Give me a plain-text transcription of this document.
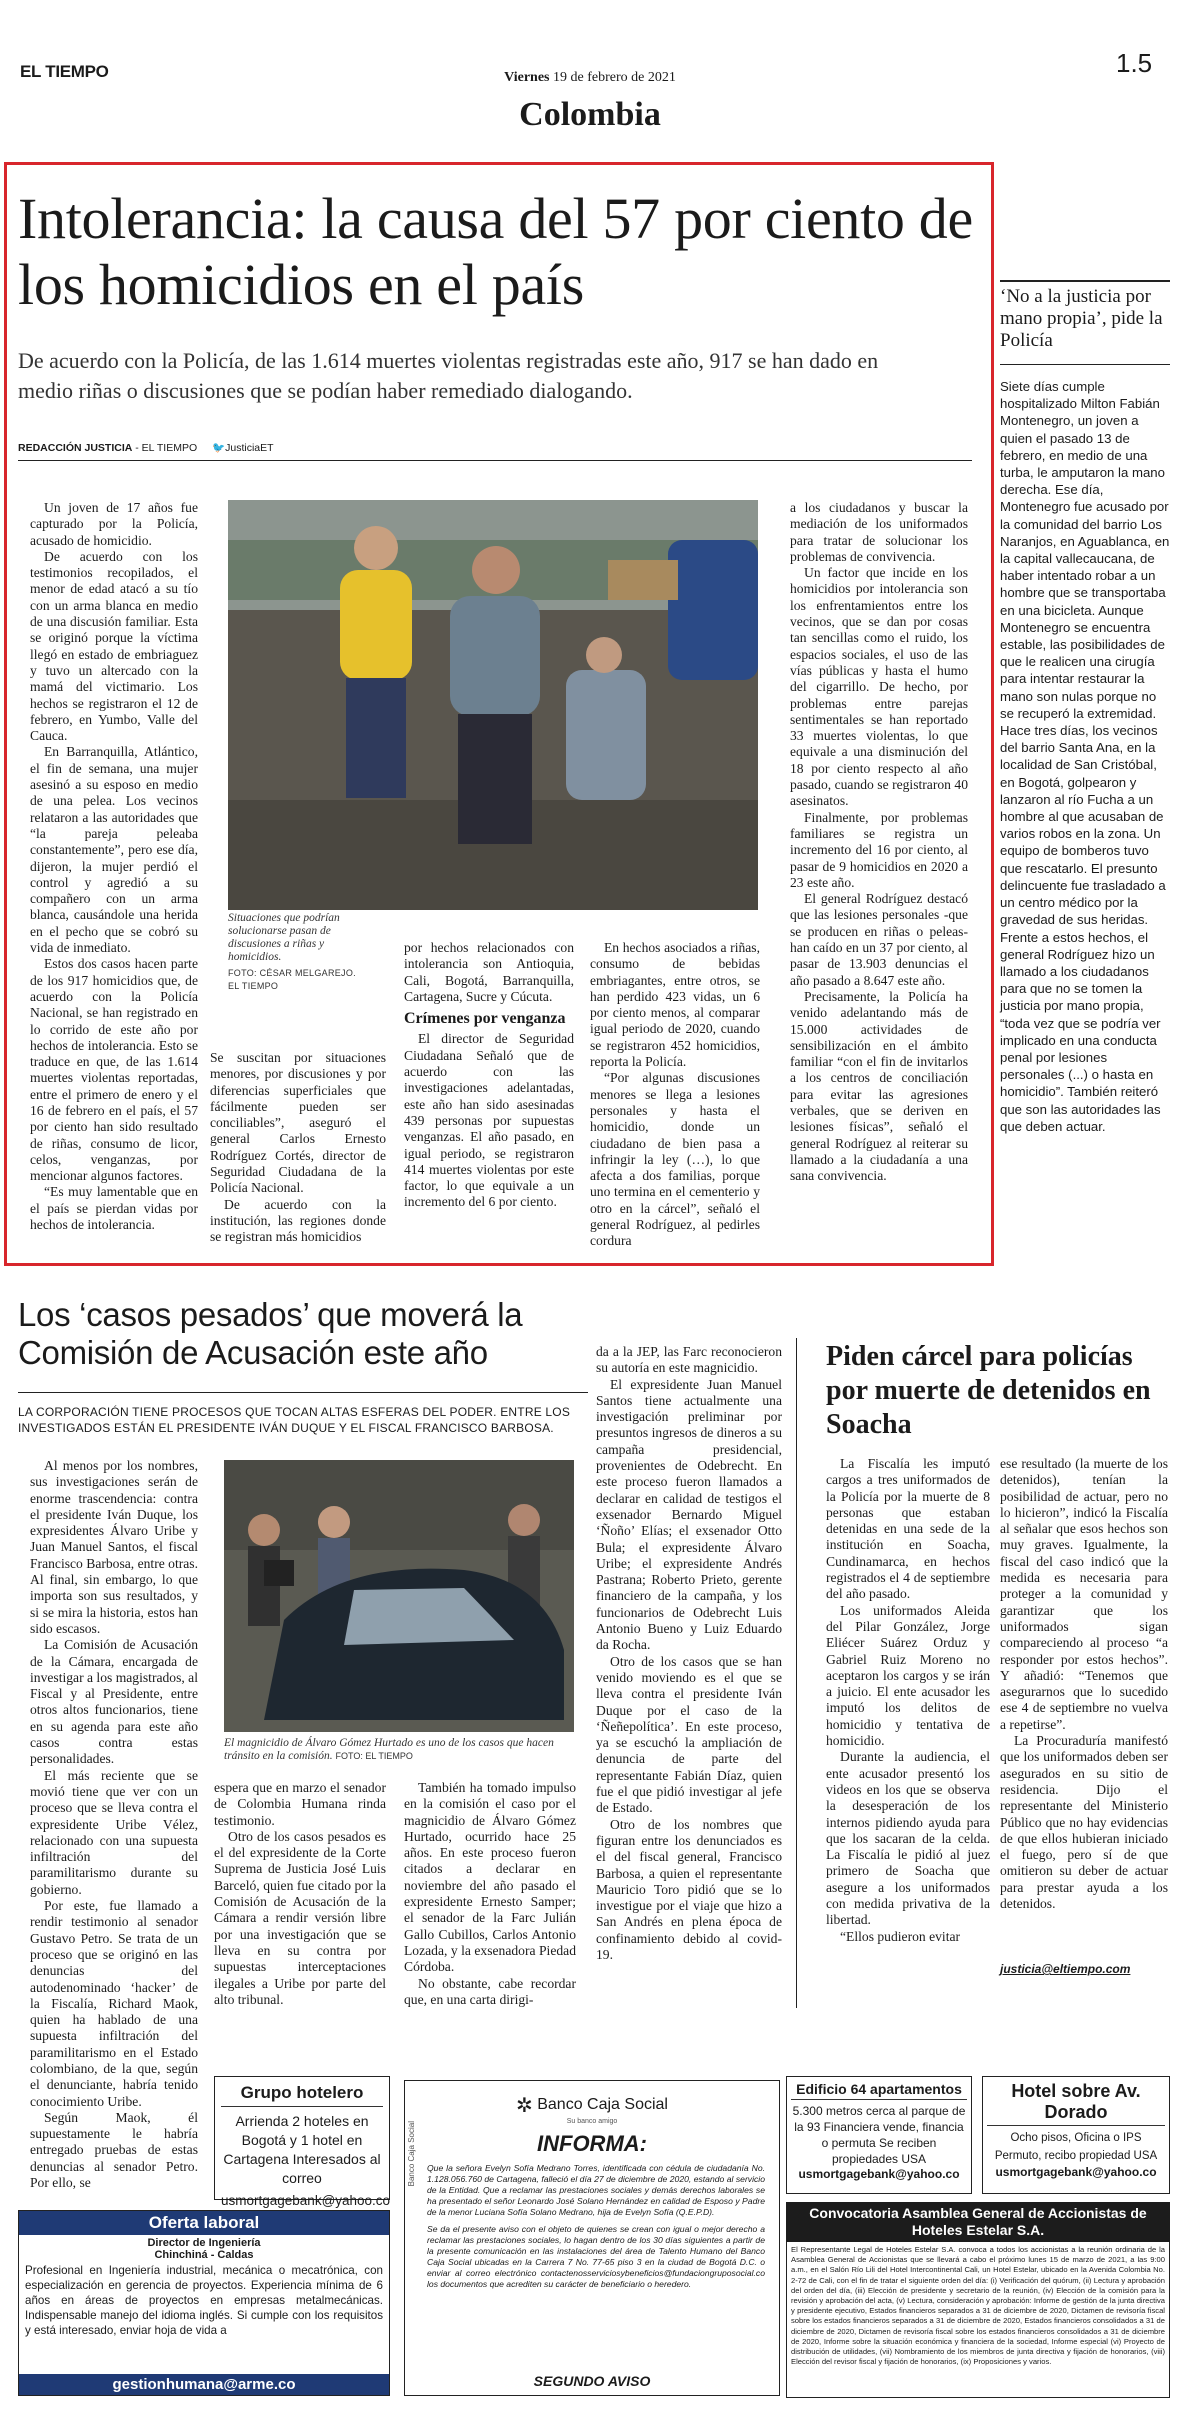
EL TIEMPO	Viernes 19 de febrero de 2021
Colombia
1.5
Intolerancia: la causa del 57 por ciento de los homicidios en el país

De acuerdo con la Policía, de las 1.614 muertes violentas registradas este año, 917 se han dado en medio riñas o discusiones que se podían haber remediado dialogando.

REDACCIÓN JUSTICIA - EL TIEMPO 🐦JusticiaET

Un joven de 17 años fue capturado por la Policía, acusado de homicidio.

De acuerdo con los testimonios recopilados, el menor de edad atacó a su tío con un arma blanca en medio de una discusión familiar. Esta se originó porque la víctima llegó en estado de embriaguez y tuvo un altercado con la mamá del victimario. Los hechos se registraron el 12 de febrero, en Yumbo, Valle del Cauca.

En Barranquilla, Atlántico, el fin de semana, una mujer asesinó a su esposo en medio de una pelea. Los vecinos relataron a las autoridades que “la pareja peleaba constantemente”, pero ese día, dijeron, la mujer perdió el control y agredió a su compañero con un arma blanca, causándole una herida en el pecho que se cobró su vida de inmediato.

Estos dos casos hacen parte de los 917 homicidios que, de acuerdo con la Policía Nacional, se han registrado en lo corrido de este año por hechos de intolerancia. Esto se traduce en que, de las 1.614 muertes violentas reportadas, entre el primero de enero y el 16 de febrero en el país, el 57 por ciento han sido resultado de riñas, consumo de licor, celos, venganzas, por mencionar algunos factores.

“Es muy lamentable que en el país se pierdan vidas por hechos de intolerancia.

Situaciones que podrían solucionarse pasan de discusiones a riñas y homicidios.
FOTO: CÉSAR MELGAREJO. EL TIEMPO

Se suscitan por situaciones menores, por discusiones y por diferencias superficiales que fácilmente pueden ser conciliables”, aseguró el general Carlos Ernesto Rodríguez Cortés, director de Seguridad Ciudadana de la Policía Nacional.

De acuerdo con la institución, las regiones donde se registran más homicidios

por hechos relacionados con intolerancia son Antioquia, Cali, Bogotá, Barranquilla, Cartagena, Sucre y Cúcuta.

Crímenes por venganza

El director de Seguridad Ciudadana Señaló que de acuerdo con las investigaciones adelantadas, este año han sido asesinadas 439 personas por supuestas venganzas. El año pasado, en igual periodo, se registraron 414 muertes violentas por este factor, lo que equivale a un incremento del 6 por ciento.

En hechos asociados a riñas, consumo de bebidas embriagantes, entre otros, se han perdido 423 vidas, un 6 por ciento menos, al comparar igual periodo de 2020, cuando se registraron 452 homicidios, reporta la Policía.

“Por algunas discusiones menores se llega a lesiones personales y hasta el homicidio, donde un ciudadano de bien pasa a infringir la ley (…), lo que afecta a dos familias, porque uno termina en el cementerio y otro en la cárcel”, señaló el general Rodríguez, al pedirles cordura

a los ciudadanos y buscar la mediación de los uniformados para tratar de solucionar los problemas de convivencia.

Un factor que incide en los homicidios por intolerancia son los enfrentamientos entre los vecinos, que se dan por cosas tan sencillas como el ruido, los espacios sociales, el uso de las vías públicas y hasta el humo del cigarrillo. De hecho, por problemas entre parejas sentimentales se han reportado 33 muertes violentas, lo que equivale a una disminución del 18 por ciento respecto al año pasado, cuando se registraron 40 asesinatos.

Finalmente, por problemas familiares se registra un incremento del 16 por ciento, al pasar de 9 homicidios en 2020 a 23 este año.

El general Rodríguez destacó que las lesiones personales -que se producen en riñas o peleas- han caído en un 37 por ciento, al pasar de 13.903 denuncias el año pasado a 8.647 este año.

Precisamente, la Policía ha venido adelantando más de 15.000 actividades de sensibilización en el ámbito familiar “con el fin de invitarlos a los centros de conciliación para evitar las agresiones verbales, que se deriven en lesiones físicas”, señaló el general Rodríguez al reiterar su llamado a la ciudadanía a una sana convivencia.

‘No a la justicia por mano propia’, pide la Policía
Siete días cumple hospitalizado Milton Fabián Montenegro, un joven a quien el pasado 13 de febrero, en medio de una turba, le amputaron la mano derecha. Ese día, Montenegro fue acusado por la comunidad del barrio Los Naranjos, en Aguablanca, en la capital vallecaucana, de haber intentado robar a un hombre que se transportaba en una bicicleta. Aunque Montenegro se encuentra estable, las posibilidades de que le realicen una cirugía para intentar restaurar la mano son nulas porque no se recuperó la extremidad. Hace tres días, los vecinos del barrio Santa Ana, en la localidad de San Cristóbal, en Bogotá, golpearon y lanzaron al río Fucha a un hombre al que acusaban de varios robos en la zona. Un equipo de bomberos tuvo que rescatarlo. El presunto delincuente fue trasladado a un centro médico por la gravedad de sus heridas. Frente a estos hechos, el general Rodríguez hizo un llamado a los ciudadanos para que no se tomen la justicia por mano propia, “toda vez que se podría ver implicado en una conducta penal por lesiones personales (...) o hasta en homicidio”. También reiteró que son las autoridades las que deben actuar.
Los ‘casos pesados’ que moverá la Comisión de Acusación este año

LA CORPORACIÓN TIENE PROCESOS QUE TOCAN ALTAS ESFERAS DEL PODER. ENTRE LOS INVESTIGADOS ESTÁN EL PRESIDENTE IVÁN DUQUE Y EL FISCAL FRANCISCO BARBOSA.

Al menos por los nombres, sus investigaciones serán de enorme trascendencia: contra el presidente Iván Duque, los expresidentes Álvaro Uribe y Juan Manuel Santos, el fiscal Francisco Barbosa, entre otras. Al final, sin embargo, lo que importa son sus resultados, y si se mira la historia, estos han sido escasos.

La Comisión de Acusación de la Cámara, encargada de investigar a los magistrados, al Fiscal y al Presidente, entre otros altos funcionarios, tiene en su agenda para este año casos contra estas personalidades.

El más reciente que se movió tiene que ver con un proceso que se lleva contra el expresidente Uribe Vélez, relacionado con una supuesta infiltración del paramilitarismo durante su gobierno.

Por este, fue llamado a rendir testimonio al senador Gustavo Petro. Se trata de un proceso que se originó en las denuncias del autodenominado ‘hacker’ de la Fiscalía, Richard Maok, quien ha hablado de una supuesta infiltración del paramilitarismo en el Estado colombiano, de la que, según el denunciante, habría tenido conocimiento Uribe.

Según Maok, él supuestamente le habría entregado pruebas de estas denuncias al senador Petro. Por ello, se

El magnicidio de Álvaro Gómez Hurtado es uno de los casos que hacen tránsito en la comisión. FOTO: EL TIEMPO

espera que en marzo el senador de Colombia Humana rinda testimonio.

Otro de los casos pesados es el del expresidente de la Corte Suprema de Justicia José Luis Barceló, quien fue citado por la Comisión de Acusación de la Cámara a rendir versión libre por una investigación que se lleva en su contra por supuestas interceptaciones ilegales a Uribe por parte del alto tribunal.

También ha tomado impulso en la comisión el caso por el magnicidio de Álvaro Gómez Hurtado, ocurrido hace 25 años. En este proceso fueron citados a declarar en noviembre del año pasado el expresidente Ernesto Samper; el senador de la Farc Julián Gallo Cubillos, Carlos Antonio Lozada, y la exsenadora Piedad Córdoba.

No obstante, cabe recordar que, en una carta dirigi-

da a la JEP, las Farc reconocieron su autoría en este magnicidio.

El expresidente Juan Manuel Santos tiene actualmente una investigación preliminar por presuntos ingresos de dineros a su campaña presidencial, provenientes de Odebrecht. En este proceso fueron llamados a declarar en calidad de testigos el exsenador Bernardo Miguel ‘Ñoño’ Elías; el exsenador Otto Bula; el expresidente Álvaro Uribe; el expresidente Andrés Pastrana; Roberto Prieto, gerente financiero de la campaña, y los funcionarios de Odebrecht Luis Antonio Bueno y Luiz Eduardo da Rocha.

Otro de los casos que se han venido moviendo es el que se lleva contra el presidente Iván Duque por el caso de la ‘Ñeñepolítica’. En este proceso, ya se escuchó la ampliación de denuncia de parte del representante Fabián Díaz, quien fue el que pidió investigar al jefe de Estado.

Otro de los nombres que figuran entre los denunciados es el del fiscal general, Francisco Barbosa, a quien el representante Mauricio Toro pidió que se lo investigue por el viaje que hizo a San Andrés en plena época de confinamiento debido al covid-19.

Piden cárcel para policías por muerte de detenidos en Soacha

La Fiscalía les imputó cargos a tres uniformados de la Policía por la muerte de 8 personas que estaban detenidas en una sede de la institución en Soacha, Cundinamarca, en hechos registrados el 4 de septiembre del año pasado.

Los uniformados Aleida del Pilar González, Jorge Eliécer Suárez Orduz y Gabriel Ruiz Moreno no aceptaron los cargos y se irán a juicio. El ente acusador les imputó los delitos de homicidio y tentativa de homicidio.

Durante la audiencia, el ente acusador presentó los videos en los que se observa la desesperación de los internos pidiendo ayuda para que los sacaran de la celda. La Fiscalía le pidió al juez primero de Soacha que asegure a los uniformados con medida privativa de la libertad.

“Ellos pudieron evitar

ese resultado (la muerte de los detenidos), tenían la posibilidad de actuar, pero no lo hicieron”, indicó la Fiscalía al señalar que esos hechos son muy graves. Igualmente, la fiscal del caso indicó que la medida es necesaria para proteger a la comunidad y garantizar que los uniformados sigan compareciendo al proceso “a responder por estos hechos”. Y añadió: “Tenemos que asegurarnos que lo sucedido ese 4 de septiembre no vuelva a repetirse”.

La Procuraduría manifestó que los uniformados deben ser asegurados en su sitio de residencia. Dijo el representante del Ministerio Público que no hay evidencias de que ellos hubieran iniciado el fuego, pero sí de que omitieron su deber de actuar para prestar ayuda a los detenidos.

justicia@eltiempo.com
Grupo hotelero
Arrienda 2 hoteles en Bogotá y 1 hotel en Cartagena Interesados al correo
usmortgagebank@yahoo.co
Oferta laboral
Director de Ingeniería
Chinchiná - Caldas
Profesional en Ingeniería industrial, mecánica o mecatrónica, con especialización en gerencia de proyectos. Experiencia mínima de 6 años en áreas de proyectos en empresas metalmecánicas. Indispensable manejo del idioma inglés. Si cumple con los requisitos y está interesado, enviar hoja de vida a
gestionhumana@arme.co
Banco Caja Social
✲ Banco Caja Social
Su banco amigo
INFORMA:

Que la señora Evelyn Sofía Medrano Torres, identificada con cédula de ciudadanía No. 1.128.056.760 de Cartagena, falleció el día 27 de diciembre de 2020, estando al servicio de la Entidad. Que a reclamar las prestaciones sociales y demás derechos laborales se ha presentado el señor Leonardo José Solano Hernández en calidad de Esposo y Padre de la menor Luciana Sofía Solano Medrano, hija de Evelyn Sofía (Q.E.P.D).

Se da el presente aviso con el objeto de quienes se crean con igual o mejor derecho a reclamar las prestaciones sociales, lo hagan dentro de los 30 días siguientes a partir de la presente comunicación en las instalaciones del área de Talento Humano del Banco Caja Social ubicadas en la Carrera 7 No. 77-65 piso 3 en la ciudad de Bogotá D.C. o enviar al correo electrónico contactenosserviciosybeneficios@fundaciongruposocial.co los documentos que acrediten su carácter de beneficiario o heredero.

SEGUNDO AVISO
Edificio 64 apartamentos
5.300 metros cerca al parque de la 93 Financiera vende, financia o permuta Se reciben propiedades USA
usmortgagebank@yahoo.co
Hotel sobre Av. Dorado
Ocho pisos, Oficina o IPS Permuto, recibo propiedad USA
usmortgagebank@yahoo.co
Convocatoria Asamblea General de Accionistas de Hoteles Estelar S.A.
El Representante Legal de Hoteles Estelar S.A. convoca a todos los accionistas a la reunión ordinaria de la Asamblea General de Accionistas que se llevará a cabo el próximo lunes 15 de marzo de 2021, a las 9:00 a.m., en el Salón Río Lili del Hotel Intercontinental Cali, un Hotel Estelar, ubicado en la Avenida Colombia No. 2-72 de Cali, con el fin de tratar el siguiente orden del día: (i) Verificación del quórum, (ii) Lectura y aprobación del orden del día, (iii) Elección de presidente y secretario de la reunión, (iv) Elección de la comisión para la revisión y aprobación del acta, (v) Lectura, consideración y aprobación: Informe de gestión de la junta directiva y presidente ejecutivo, Estados financieros separados a 31 de diciembre de 2020, Dictamen de revisoría fiscal sobre los estados financieros separados a 31 de diciembre de 2020, Estados financieros consolidados a 31 de diciembre de 2020, Dictamen de revisoría fiscal sobre los estados financieros consolidados a 31 de diciembre de 2020, Informe sobre la situación económica y financiera de la sociedad, Informe especial (vi) Proyecto de distribución de utilidades, (vii) Nombramiento de los miembros de junta directiva y fijación de honorarios, (viii) Elección del revisor fiscal y fijación de honorarios, (ix) Proposiciones y varios.
